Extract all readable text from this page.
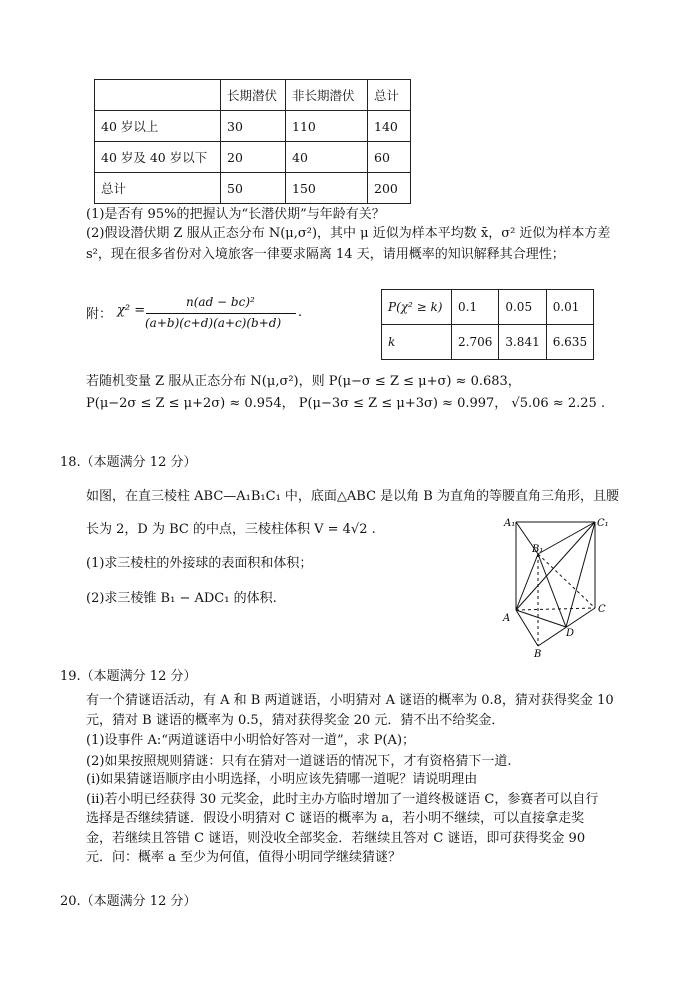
	长期潜伏	非长期潜伏	总计
40 岁以上	30	110	140
40 岁及 40 岁以下	20	40	60
总计	50	150	200
(1)是否有 95%的把握认为“长潜伏期”与年龄有关？
(2)假设潜伏期 Z 服从正态分布 N(μ,σ²)，其中 μ 近似为样本平均数 x̄，σ² 近似为样本方差
s²，现在很多省份对入境旅客一律要求隔离 14 天，请用概率的知识解释其合理性；
附： χ² =
n(ad − bc)²
(a+b)(c+d)(a+c)(b+d)
.	P(χ² ≥ k)	0.1	0.05	0.01
k	2.706	3.841	6.635
若随机变量 Z 服从正态分布 N(μ,σ²)，则 P(μ−σ ≤ Z ≤ μ+σ) ≈ 0.683，
P(μ−2σ ≤ Z ≤ μ+2σ) ≈ 0.954， P(μ−3σ ≤ Z ≤ μ+3σ) ≈ 0.997， √5.06 ≈ 2.25 .
18.（本题满分 12 分）
如图，在直三棱柱 ABC—A₁B₁C₁ 中，底面△ABC 是以角 B 为直角的等腰直角三角形，且腰
长为 2，D 为 BC 的中点，三棱柱体积 V = 4√2 .
(1)求三棱柱的外接球的表面积和体积；
(2)求三棱锥 B₁ − ADC₁ 的体积.
A₁
B₁
C₁
A
B
C
D
19.（本题满分 12 分）
有一个猜谜语活动，有 A 和 B 两道谜语，小明猜对 A 谜语的概率为 0.8，猜对获得奖金 10
元，猜对 B 谜语的概率为 0.5，猜对获得奖金 20 元．猜不出不给奖金．
(1)设事件 A:“两道谜语中小明恰好答对一道”，求 P(A)；
(2)如果按照规则猜谜：只有在猜对一道谜语的情况下，才有资格猜下一道.
(ⅰ)如果猜谜语顺序由小明选择，小明应该先猜哪一道呢？请说明理由
(ⅱ)若小明已经获得 30 元奖金，此时主办方临时增加了一道终极谜语 C，参赛者可以自行
选择是否继续猜谜．假设小明猜对 C 谜语的概率为 a，若小明不继续，可以直接拿走奖
金，若继续且答错 C 谜语，则没收全部奖金．若继续且答对 C 谜语，即可获得奖金 90
元．问：概率 a 至少为何值，值得小明同学继续猜谜？
20.（本题满分 12 分）
